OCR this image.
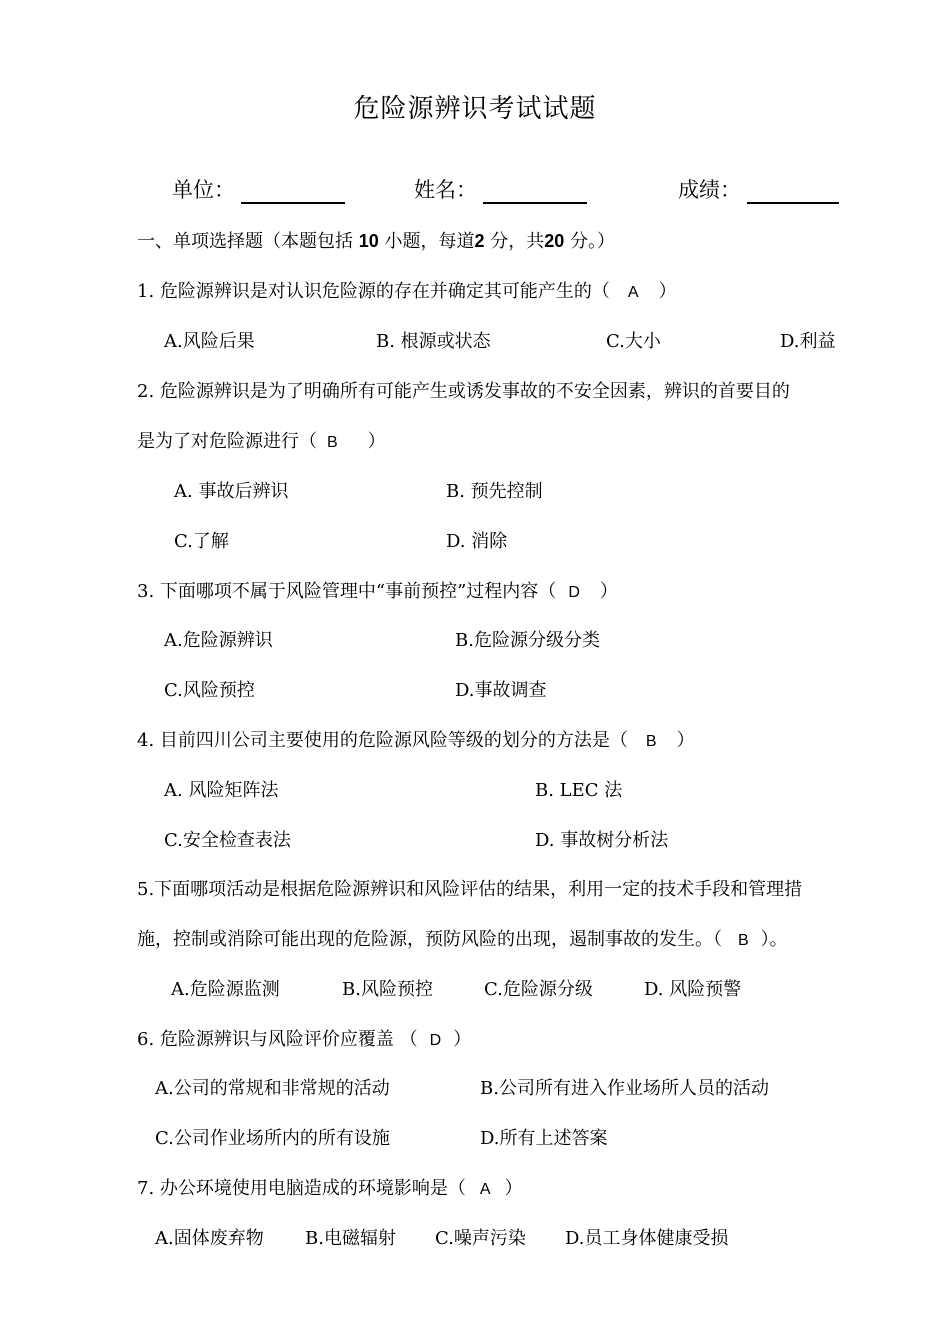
危险源辨识考试试题
单位：	姓名：	成绩：
一、单项选择题（本题包括 10 小题，每道2 分，共20 分。）
1. 危险源辨识是对认识危险源的存在并确定其可能产生的（ A ）
A.风险后果	B. 根源或状态	C.大小	D.利益
2. 危险源辨识是为了明确所有可能产生或诱发事故的不安全因素，辨识的首要目的
是为了对危险源进行（ B ）
A. 事故后辨识	B. 预先控制
C.了解	D. 消除
3. 下面哪项不属于风险管理中“事前预控”过程内容（ D ）
A.危险源辨识	B.危险源分级分类
C.风险预控	D.事故调查
4. 目前四川公司主要使用的危险源风险等级的划分的方法是（ B ）
A. 风险矩阵法	B. LEC 法
C.安全检查表法	D. 事故树分析法
5.下面哪项活动是根据危险源辨识和风险评估的结果，利用一定的技术手段和管理措
施，控制或消除可能出现的危险源，预防风险的出现，遏制事故的发生。（ B ）。
A.危险源监测	B.风险预控	C.危险源分级	D. 风险预警
6. 危险源辨识与风险评价应覆盖 （ D ）
A.公司的常规和非常规的活动	B.公司所有进入作业场所人员的活动
C.公司作业场所内的所有设施	D.所有上述答案
7. 办公环境使用电脑造成的环境影响是（ A ）
A.固体废弃物 B.电磁辐射 C.噪声污染 D.员工身体健康受损
